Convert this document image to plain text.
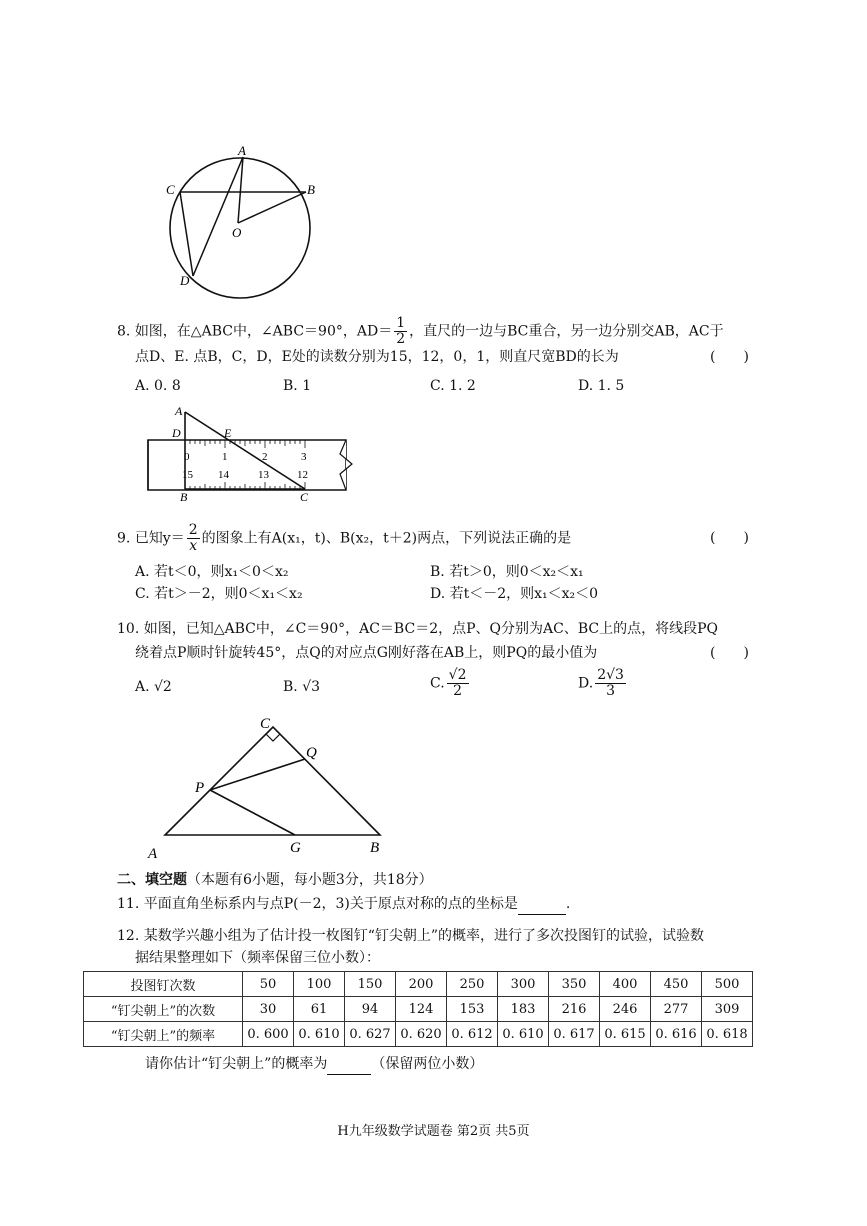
A
C	B
O
D
8. 如图，在△ABC中，∠ABC＝90°，$AD= \frac{1}{2}$ ，直尺的一边与BC重合，另一边分别交AB，AC于
点D、E. 点B，C，D，E处的读数分别为15，12，0，1，则直尺宽BD的长为	(　　)
A. 0. 8	B. 1	C. 1. 2	D. 1. 5
0	1	2	3
15 14	13	12
A
D	E
B	C
9. 已知$y= \frac{2}{x}$ 的图象上有A(x₁，t)、B(x₂，t＋2)两点，下列说法正确的是	(　　)
A. 若t＜0，则x₁＜0＜x₂	B. 若t＞0，则0＜x₂＜x₁
C. 若t＞－2，则0＜x₁＜x₂	D. 若t＜－2，则x₁＜x₂＜0
10. 如图，已知△ABC中，∠C＝90°，AC＝BC＝2，点P、Q分别为AC、BC上的点，将线段PQ
绕着点P顺时针旋转45°，点Q的对应点G刚好落在AB上，则PQ的最小值为	(　　)
A. √2	B. √3	C. $\frac{√2}{2}$	D. $\frac{2√3}{3}$
C
Q
P
A	G	B
二、填空题（本题有6小题，每小题3分，共18分）
11. 平面直角坐标系内与点P(－2，3)关于原点对称的点的坐标是	.
12. 某数学兴趣小组为了估计投一枚图钉“钉尖朝上”的概率，进行了多次投图钉的试验，试验数
据结果整理如下（频率保留三位小数）：
投图钉次数	50	100	150	200	250	300	350	400	450	500
“钉尖朝上”的次数	30	61	94	124	153	183	216	246	277	309
“钉尖朝上”的频率	0. 600	0. 610	0. 627	0. 620	0. 612	0. 610	0. 617	0. 615	0. 616	0. 618
请你估计“钉尖朝上”的概率为	（保留两位小数）
H九年级数学试题卷 第2页 共5页
